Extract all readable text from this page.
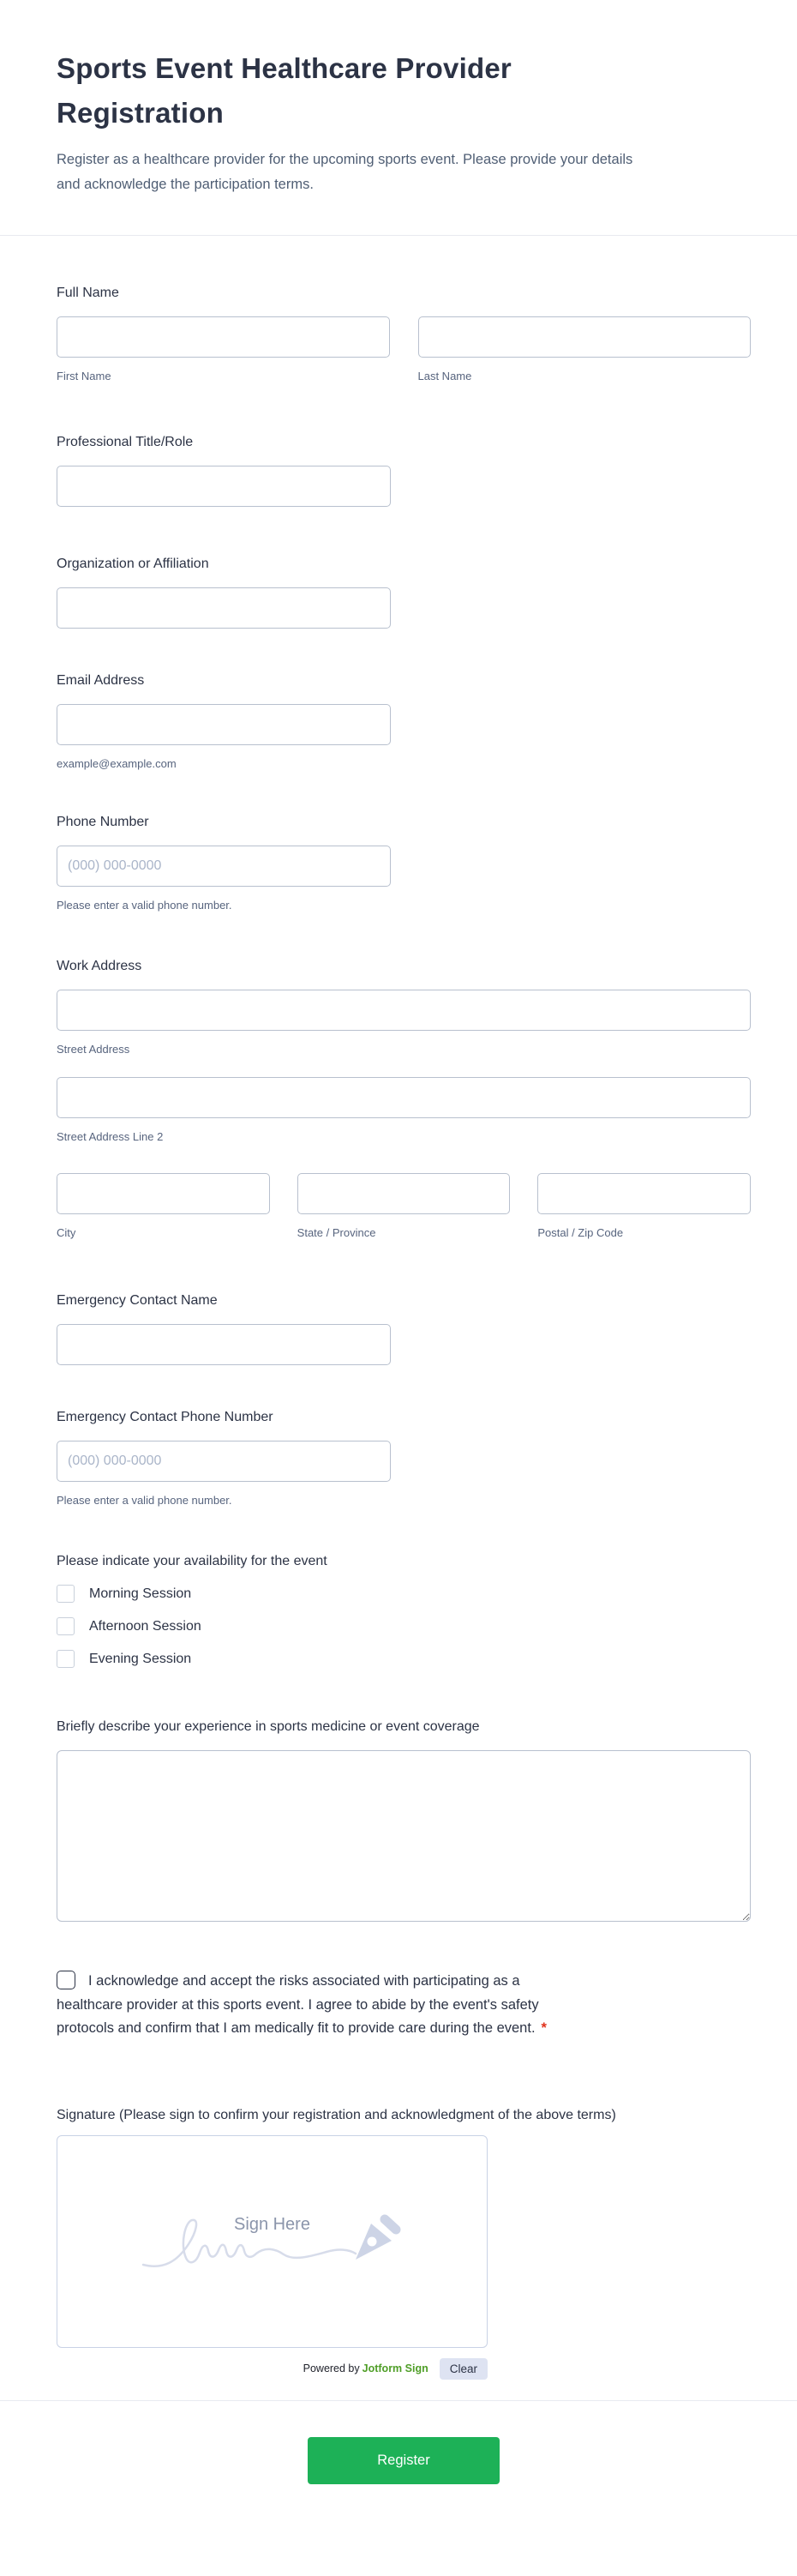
Sports Event Healthcare Provider Registration

Register as a healthcare provider for the upcoming sports event. Please provide your details and acknowledge the participation terms.

Full Name
First Name	Last Name
Professional Title/Role
Organization or Affiliation
Email Address
example@example.com
Phone Number
(000) 000-0000
Please enter a valid phone number.
Work Address
Street Address
Street Address Line 2
City	State / Province	Postal / Zip Code
Emergency Contact Name
Emergency Contact Phone Number
(000) 000-0000
Please enter a valid phone number.
Please indicate your availability for the event
Morning Session
Afternoon Session
Evening Session
Briefly describe your experience in sports medicine or event coverage

I acknowledge and accept the risks associated with participating as a healthcare provider at this sports event. I agree to abide by the event's safety protocols and confirm that I am medically fit to provide care during the event. *

Signature (Please sign to confirm your registration and acknowledgment of the above terms)
Sign Here
Powered by Jotform Sign	Clear
Register
